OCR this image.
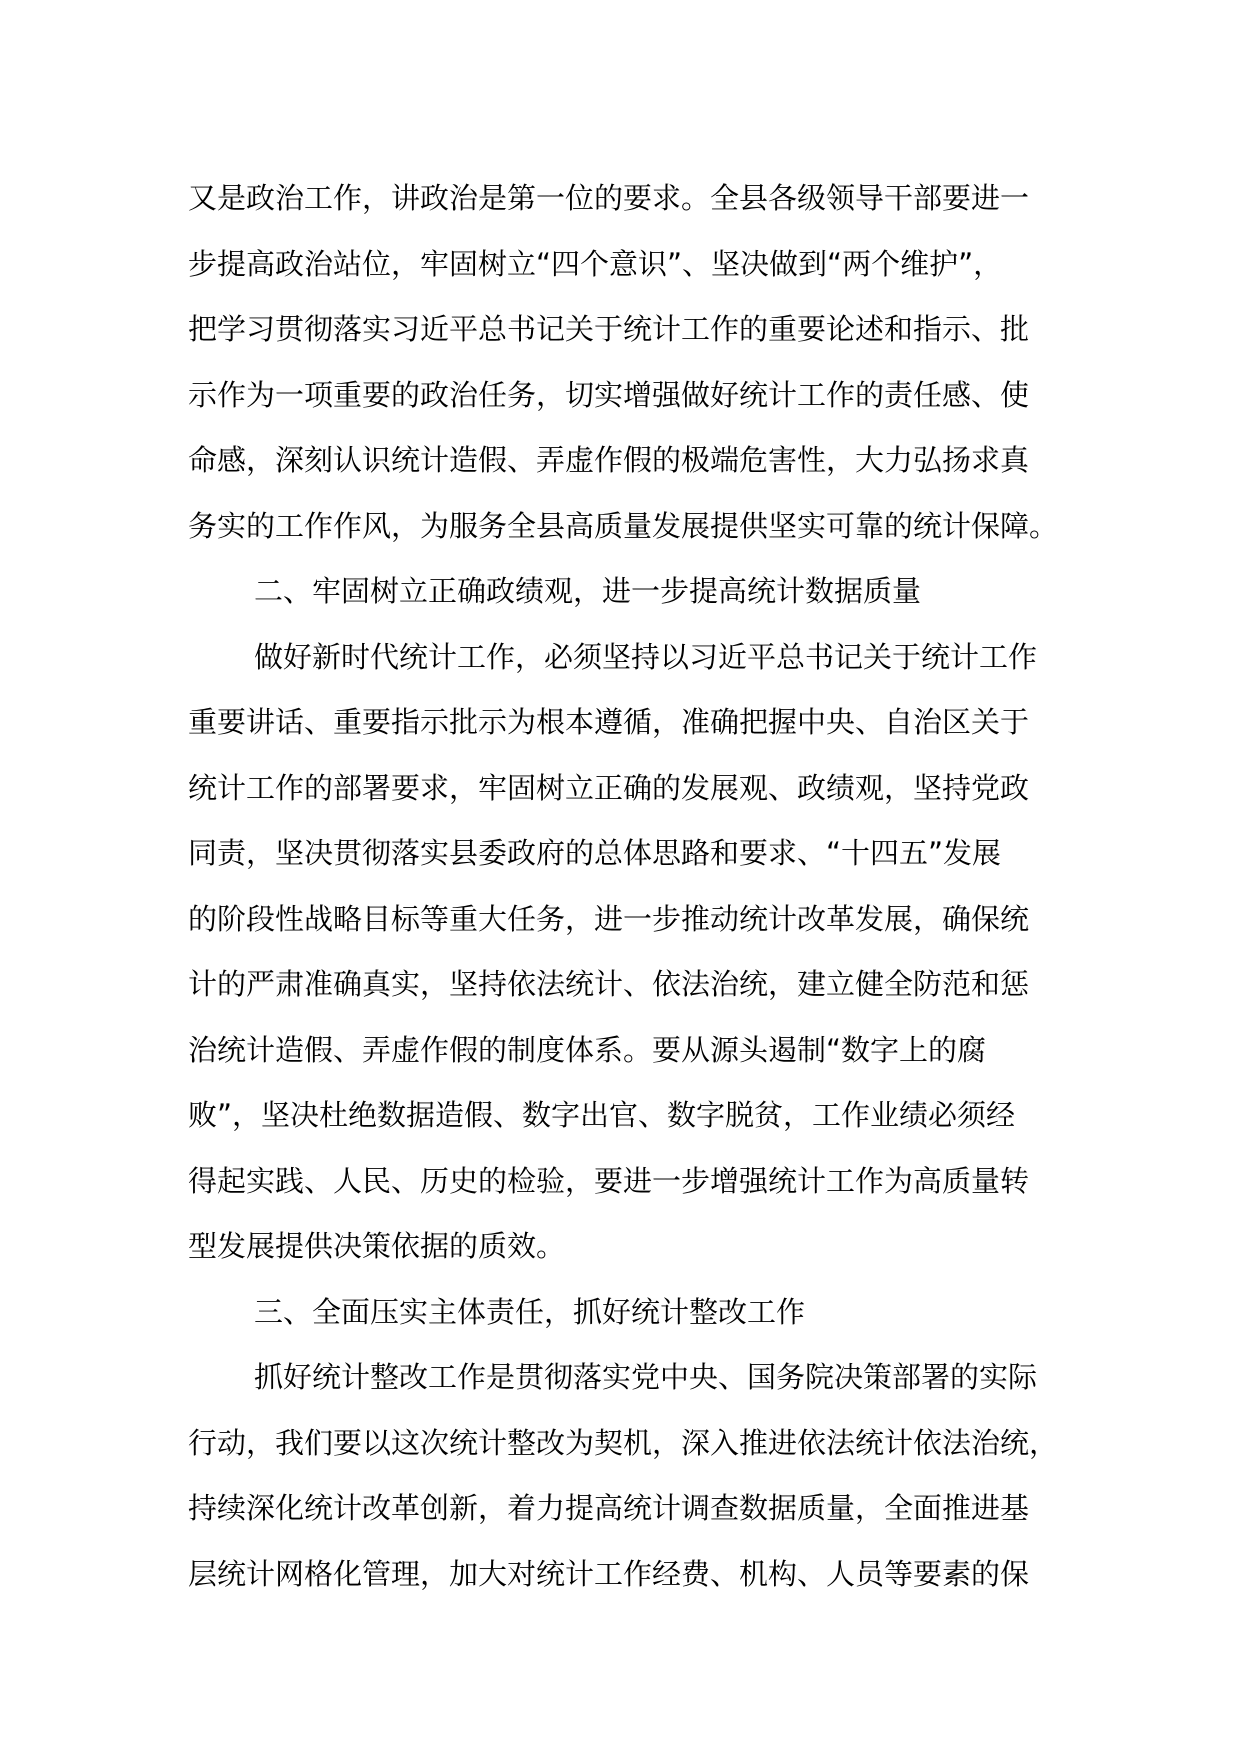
又是政治工作，讲政治是第一位的要求。全县各级领导干部要进一
步提高政治站位，牢固树立“四个意识”、坚决做到“两个维护”，
把学习贯彻落实习近平总书记关于统计工作的重要论述和指示、批
示作为一项重要的政治任务，切实增强做好统计工作的责任感、使
命感，深刻认识统计造假、弄虚作假的极端危害性，大力弘扬求真
务实的工作作风，为服务全县高质量发展提供坚实可靠的统计保障。
二、牢固树立正确政绩观，进一步提高统计数据质量
做好新时代统计工作，必须坚持以习近平总书记关于统计工作
重要讲话、重要指示批示为根本遵循，准确把握中央、自治区关于
统计工作的部署要求，牢固树立正确的发展观、政绩观，坚持党政
同责，坚决贯彻落实县委政府的总体思路和要求、“十四五”发展
的阶段性战略目标等重大任务，进一步推动统计改革发展，确保统
计的严肃准确真实，坚持依法统计、依法治统，建立健全防范和惩
治统计造假、弄虚作假的制度体系。要从源头遏制“数字上的腐
败”，坚决杜绝数据造假、数字出官、数字脱贫，工作业绩必须经
得起实践、人民、历史的检验，要进一步增强统计工作为高质量转
型发展提供决策依据的质效。
三、全面压实主体责任，抓好统计整改工作
抓好统计整改工作是贯彻落实党中央、国务院决策部署的实际
行动，我们要以这次统计整改为契机，深入推进依法统计依法治统，
持续深化统计改革创新，着力提高统计调查数据质量，全面推进基
层统计网格化管理，加大对统计工作经费、机构、人员等要素的保
